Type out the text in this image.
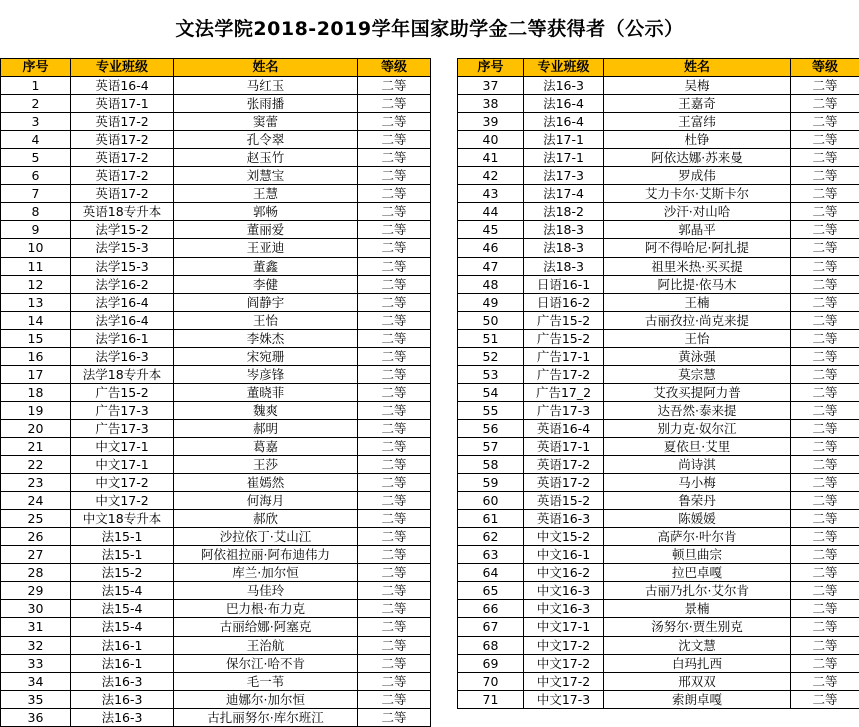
文法学院2018-2019学年国家助学金二等获得者（公示）
序号	专业班级	姓名	等级
1	英语16-4	马红玉	二等
2	英语17-1	张雨播	二等
3	英语17-2	窦蕾	二等
4	英语17-2	孔令翠	二等
5	英语17-2	赵玉竹	二等
6	英语17-2	刘慧宝	二等
7	英语17-2	王慧	二等
8	英语18专升本	郭畅	二等
9	法学15-2	董丽爱	二等
10	法学15-3	王亚迪	二等
11	法学15-3	董鑫	二等
12	法学16-2	李健	二等
13	法学16-4	阎静宇	二等
14	法学16-4	王怡	二等
15	法学16-1	李姝杰	二等
16	法学16-3	宋宛珊	二等
17	法学18专升本	岑彦锋	二等
18	广告15-2	董晓菲	二等
19	广告17-3	魏爽	二等
20	广告17-3	郝明	二等
21	中文17-1	葛嘉	二等
22	中文17-1	王莎	二等
23	中文17-2	崔嫣然	二等
24	中文17-2	何海月	二等
25	中文18专升本	郝欣	二等
26	法15-1	沙拉依丁·艾山江	二等
27	法15-1	阿依祖拉丽·阿布迪伟力	二等
28	法15-2	库兰·加尔恒	二等
29	法15-4	马佳玲	二等
30	法15-4	巴力根·布力克	二等
31	法15-4	古丽给娜·阿塞克	二等
32	法16-1	王治航	二等
33	法16-1	保尔江·哈不肯	二等
34	法16-3	毛一苇	二等
35	法16-3	迪娜尔·加尔恒	二等
36	法16-3	古扎丽努尔·库尔班江	二等
序号	专业班级	姓名	等级
37	法16-3	吴梅	二等
38	法16-4	王嘉奇	二等
39	法16-4	王富纬	二等
40	法17-1	杜铮	二等
41	法17-1	阿依达娜·苏来曼	二等
42	法17-3	罗成伟	二等
43	法17-4	艾力卡尔·艾斯卡尔	二等
44	法18-2	沙汗·对山哈	二等
45	法18-3	郭晶平	二等
46	法18-3	阿不得哈尼·阿扎提	二等
47	法18-3	祖里米热·买买提	二等
48	日语16-1	阿比提·依马木	二等
49	日语16-2	王楠	二等
50	广告15-2	古丽孜拉·尚克来提	二等
51	广告15-2	王怡	二等
52	广告17-1	黄泳强	二等
53	广告17-2	莫宗慧	二等
54	广告17_2	艾孜买提阿力普	二等
55	广告17-3	达吾然·泰来提	二等
56	英语16-4	别力克·奴尔江	二等
57	英语17-1	夏依旦·艾里	二等
58	英语17-2	尚诗淇	二等
59	英语17-2	马小梅	二等
60	英语15-2	鲁荣丹	二等
61	英语16-3	陈媛媛	二等
62	中文15-2	高萨尔·叶尔肯	二等
63	中文16-1	顿旦曲宗	二等
64	中文16-2	拉巴卓嘎	二等
65	中文16-3	古丽乃扎尔·艾尔肯	二等
66	中文16-3	景楠	二等
67	中文17-1	汤努尔·贾生别克	二等
68	中文17-2	沈文慧	二等
69	中文17-2	白玛扎西	二等
70	中文17-2	邢双双	二等
71	中文17-3	索朗卓嘎	二等
